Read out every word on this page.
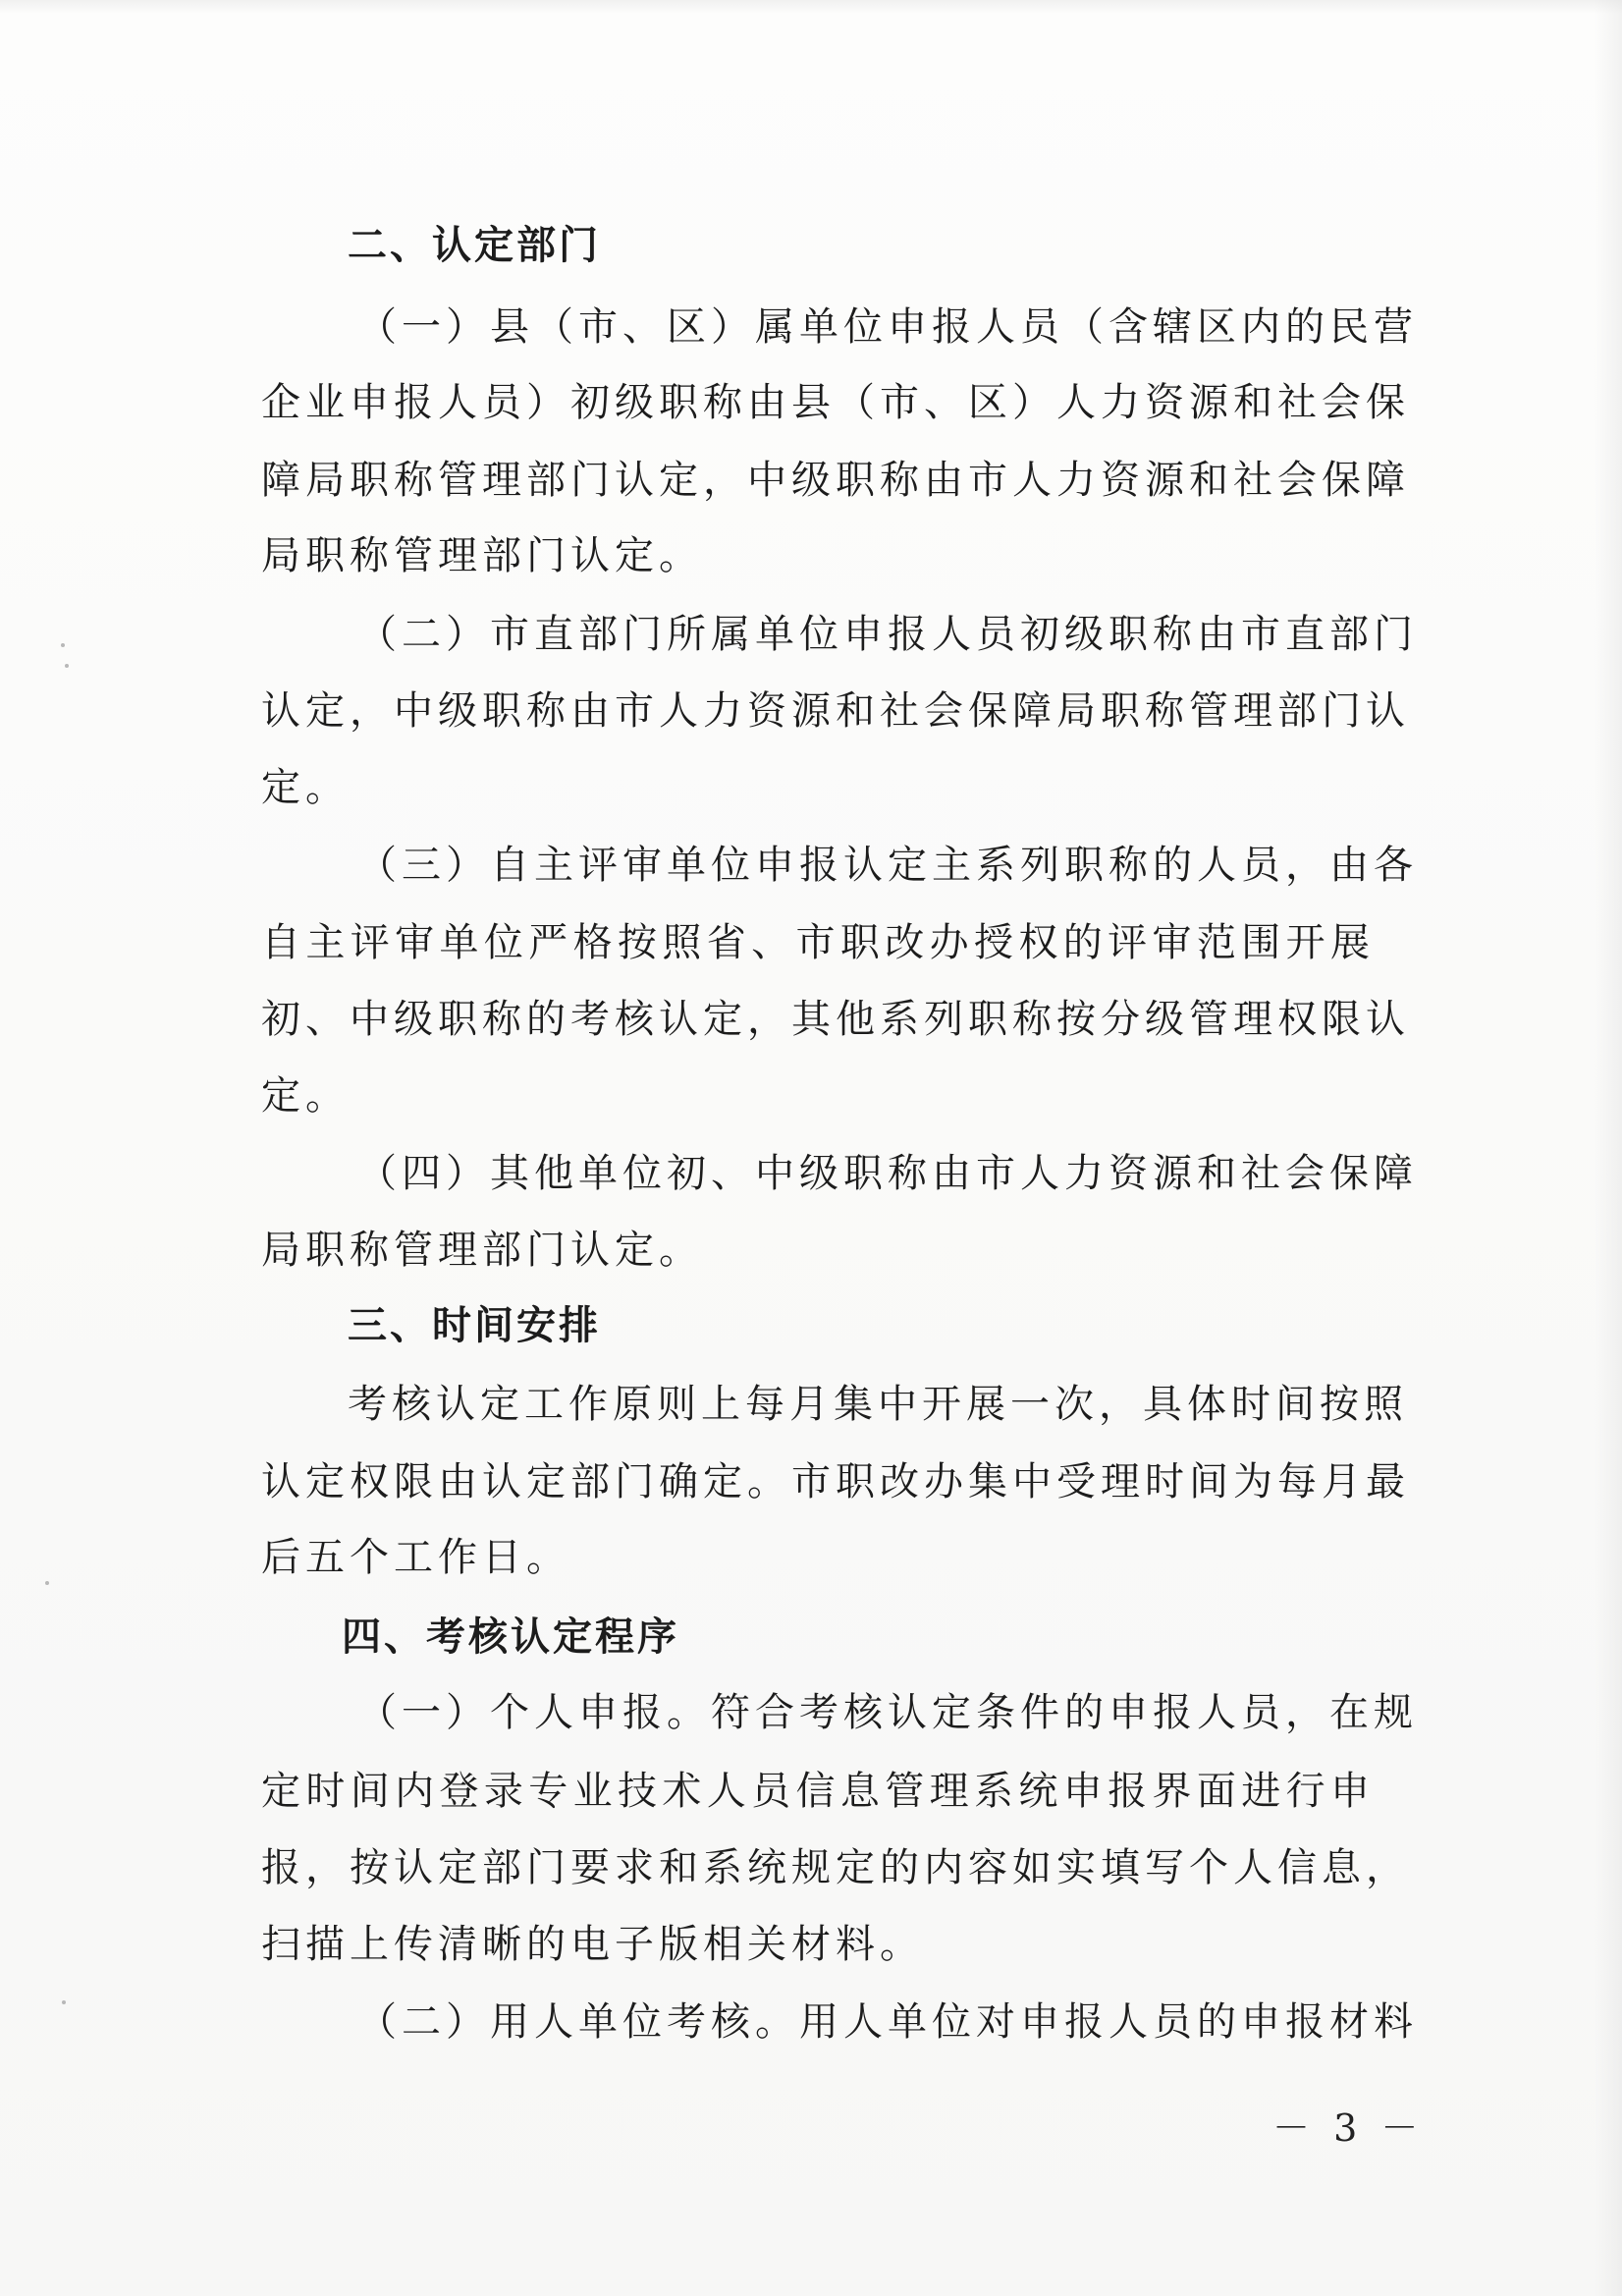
二、认定部门
（一）县（市、区）属单位申报人员（含辖区内的民营
企业申报人员）初级职称由县（市、区）人力资源和社会保
障局职称管理部门认定，中级职称由市人力资源和社会保障
局职称管理部门认定。
（二）市直部门所属单位申报人员初级职称由市直部门
认定，中级职称由市人力资源和社会保障局职称管理部门认
定。
（三）自主评审单位申报认定主系列职称的人员，由各
自主评审单位严格按照省、市职改办授权的评审范围开展
初、中级职称的考核认定，其他系列职称按分级管理权限认
定。
（四）其他单位初、中级职称由市人力资源和社会保障
局职称管理部门认定。
三、时间安排
考核认定工作原则上每月集中开展一次，具体时间按照
认定权限由认定部门确定。市职改办集中受理时间为每月最
后五个工作日。
四、考核认定程序
（一）个人申报。符合考核认定条件的申报人员，在规
定时间内登录专业技术人员信息管理系统申报界面进行申
报，按认定部门要求和系统规定的内容如实填写个人信息，
扫描上传清晰的电子版相关材料。
（二）用人单位考核。用人单位对申报人员的申报材料
－ 3 －
